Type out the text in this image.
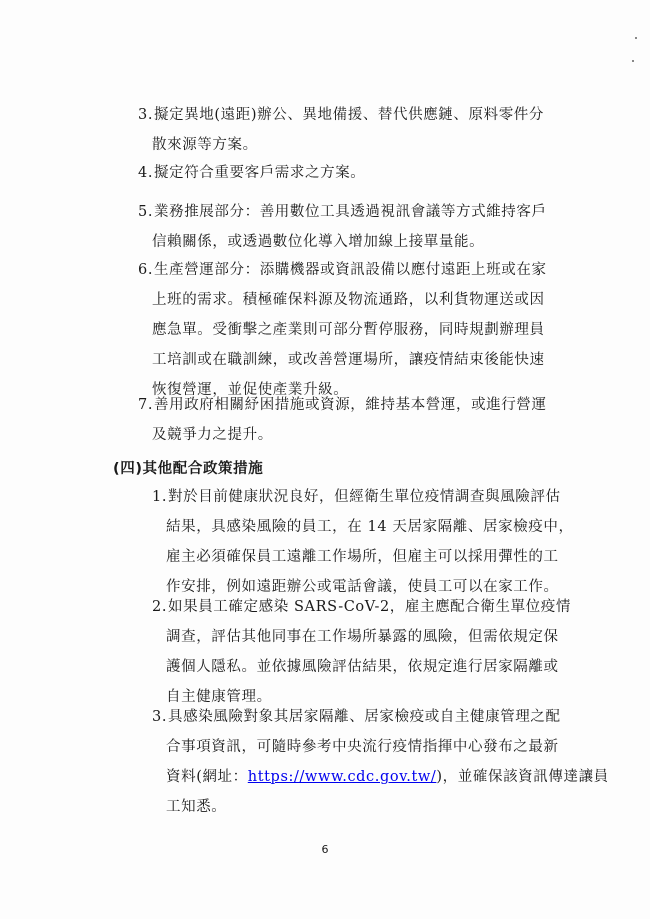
3. 擬定異地(遠距)辦公、異地備援、替代供應鏈、原料零件分
散來源等方案。
4. 擬定符合重要客戶需求之方案。
5. 業務推展部分：善用數位工具透過視訊會議等方式維持客戶
信賴關係，或透過數位化導入增加線上接單量能。
6. 生產營運部分：添購機器或資訊設備以應付遠距上班或在家
上班的需求。積極確保料源及物流通路，以利貨物運送或因
應急單。受衝擊之產業則可部分暫停服務，同時規劃辦理員
工培訓或在職訓練，或改善營運場所，讓疫情結束後能快速
恢復營運，並促使產業升級。
7. 善用政府相關紓困措施或資源，維持基本營運，或進行營運
及競爭力之提升。
(四)其他配合政策措施
1. 對於目前健康狀況良好，但經衛生單位疫情調查與風險評估
結果，具感染風險的員工，在 14 天居家隔離、居家檢疫中，
雇主必須確保員工遠離工作場所，但雇主可以採用彈性的工
作安排，例如遠距辦公或電話會議，使員工可以在家工作。
2. 如果員工確定感染 SARS-CoV-2，雇主應配合衛生單位疫情
調查，評估其他同事在工作場所暴露的風險，但需依規定保
護個人隱私。並依據風險評估結果，依規定進行居家隔離或
自主健康管理。
3. 具感染風險對象其居家隔離、居家檢疫或自主健康管理之配
合事項資訊，可隨時參考中央流行疫情指揮中心發布之最新
資料(網址：https://www.cdc.gov.tw/)，並確保該資訊傳達讓員
工知悉。
6
